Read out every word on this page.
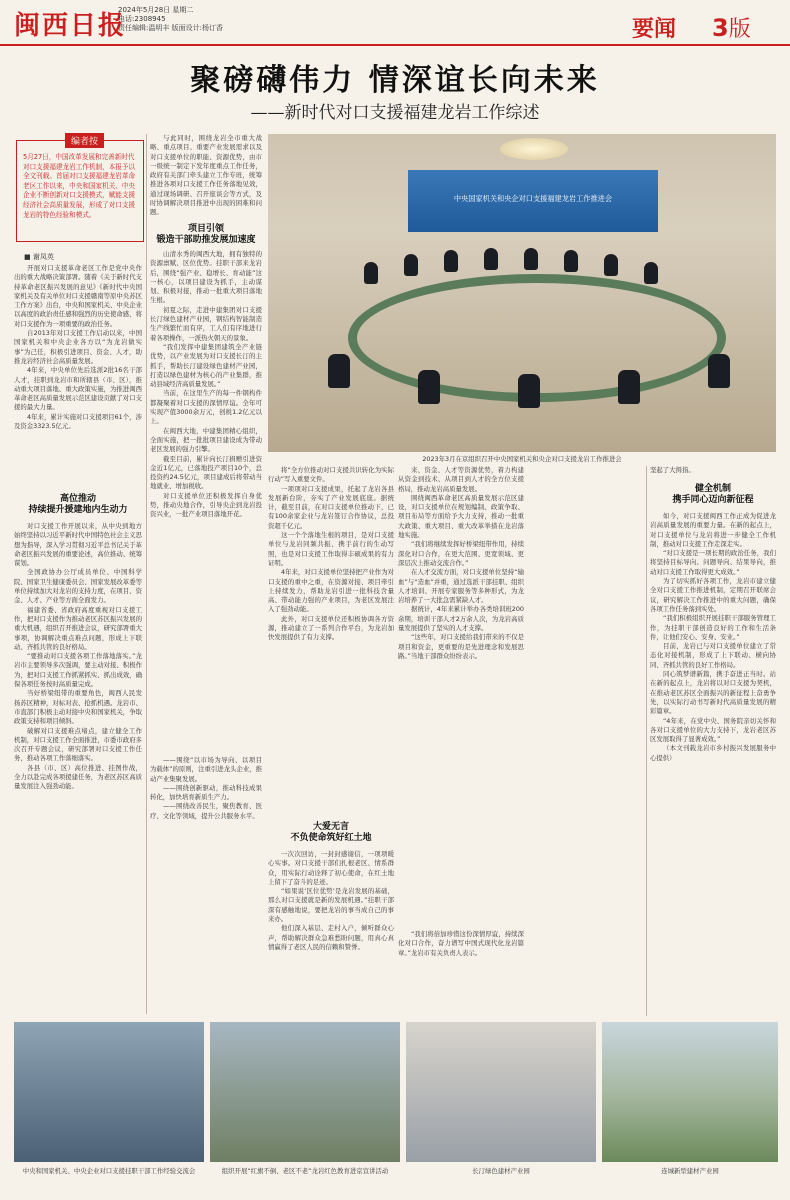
闽西日报
2024年5月28日 星期二
电话:2308945
责任编辑:温明丰 版面设计:杨订香	要闻 3版
聚磅礴伟力 情深谊长向未来
——新时代对口支援福建龙岩工作综述
编者按
5月27日，中国改革发展和完善新时代对口支援福建龙岩工作机制，本报予以全文刊载。首届对口支援福建龙岩革命老区工作以来，中央和国家机关、中央企业不断创新对口支援模式，赋能支援经济社会高质量发展，形成了对口支援龙岩的特色经验和模式。
■ 谢凤英

开展对口支援革命老区工作是党中央作出的重大战略决策部署。随着《关于新时代支持革命老区振兴发展的意见》《新时代中央国家机关及有关单位对口支援赣南等原中央苏区工作方案》出台，中央和国家机关、中央企业以高度的政治责任感和强烈的历史使命感，将对口支援作为一项重要的政治任务。

自2013年对口支援工作启动以来，中国国家机关和中央企业各方以“为龙岩做实事”为己任，积极引进项目、资金、人才，助推龙岩经济社会高质量发展。

4年来，中央单位先后选派2批16名干部人才，挂职到龙岩市和所辖县（市、区），推动重大项目落地、重大政策实施，为推进闽西革命老区高质量发展示范区建设贡献了对口支援的最大力量。

4年来，累计实施对口支援项目61个，涉及资金3323.5亿元。

高位推动
持续提升援建地内生动力

对口支援工作开展以来，从中央到地方始终坚持以习近平新时代中国特色社会主义思想为指导，深入学习贯彻习近平总书记关于革命老区振兴发展的重要论述，高位推动、统筹谋划。

全国政协办公厅成员单位、中国科学院、国家卫生健康委员会、国家发展改革委等单位持续加大对龙岩的支持力度，在项目、资金、人才、产业等方面全面发力。

福建省委、省政府高度重视对口支援工作，把对口支援作为推动老区苏区振兴发展的重大机遇，组织召开推进会议，研究部署重大事项，协调解决重点难点问题，形成上下联动、齐抓共管的良好格局。

“要推动对口支援各项工作落地落实。”龙岩市主要领导多次强调，要主动对接、积极作为，把对口支援工作抓紧抓实、抓出成效，确保各项任务按时高质量完成。

当好桥梁纽带的重要角色，闽西人民发扬苏区精神，对标对表、抢抓机遇。龙岩市、市直部门积极主动对接中央和国家机关，争取政策支持和项目倾斜。

破解对口支援难点堵点，建立健全工作机制，对口支援工作全面推进，市委市政府多次召开专题会议，研究部署对口支援工作任务，推动各项工作落细落实。

各县（市、区）高位推进、挂图作战，全力以赴完成各项援建任务，为老区苏区高质量发展注入强劲动能。

与此同时，围绕龙岩全市重大战略、重点项目、重要产业发展需求以及对口支援单位的职能、资源优势，由市一级统一制定下发年度重点工作任务，政府有关部门牵头建立工作专班，统筹推进各项对口支援工作任务落地见效，通过现场调研、召开座谈会等方式，及时协调解决项目推进中出现的困难和问题。

项目引领
锻造干部助推发展加速度

山清水秀的闽西大地，拥有独特的资源禀赋、区位优势。挂职干部来龙岩后，围绕“强产业、稳增长、育动能”这一核心，以项目建设为抓手，主动谋划、积极对接，推动一批重大项目落地生根。

初夏之际，走进中建集团对口支援长汀绿色建材产业园，钢结构智能制造生产线繁忙而有序，工人们有序地进行着各项操作，一派热火朝天的景象。

“我们发挥中建集团建筑全产业链优势，以产业发展为对口支援长汀的主抓手，帮助长汀建设绿色建材产业园，打造以绿色建材为核心的产业集群，推动县域经济高质量发展。”

当前，在这里生产的每一件钢构件都凝聚着对口支援的深情厚谊。全年可实现产值3000余万元，创税1.2亿元以上。

在闽西大地，中建集团精心组织，全面实施，把一批批项目建设成为带动老区发展的强力引擎。

截至目前，累计向长汀捐赠引进资金近1亿元，已落地投产项目10个，总投资约24.5亿元，项目建成后将带动当地就业、增加税收。

对口支援单位还积极发挥自身优势，推动央地合作，引导央企到龙岩投资兴业，一批产业项目落地开花。

——围绕“以市场为导向、以项目为载体”的原则，注重引进龙头企业，推动产业集聚发展。

——围绕创新驱动，推动科技成果转化，加快培育新质生产力。

——围绕改善民生，聚焦教育、医疗、文化等领域，提升公共服务水平。

中央国家机关和央企对口支援福建龙岩工作推进会
2023年3月在京组织召开中央国家机关和央企对口支援龙岩工作推进会

将“全方位推动对口支援共识转化为实际行动”写入重要文件。

一项项对口支援成果，托起了龙岩各县发展新台阶，夯实了产业发展底座。据统计，截至目前，在对口支援单位推动下，已有100余家企业与龙岩签订合作协议，总投资超千亿元。

这一个个落地生根的项目，是对口支援单位与龙岩同频共振、携手前行的生动写照，也是对口支援工作取得丰硕成果的有力证明。

4年来，对口支援单位坚持把产业作为对口支援的重中之重，在资源对接、项目牵引上持续发力，帮助龙岩引进一批科技含量高、带动能力强的产业项目，为老区发展注入了强劲动能。

此外，对口支援单位还积极协调各方资源，推动建立了一系列合作平台，为龙岩加快发展提供了有力支撑。

大爱无言
不负使命筑好红土地

一次次回访，一封封感谢信，一项项暖心实事。对口支援干部们扎根老区、情系群众，用实际行动诠释了初心使命，在红土地上留下了奋斗的足迹。

“如果说‘区位优势’是龙岩发展的基础，那么对口支援就是新的发展机遇。”挂职干部深有感触地说，要把龙岩的事当成自己的事来办。

他们深入基层、走村入户，倾听群众心声，帮助解决群众急难愁盼问题，用真心真情赢得了老区人民的信赖和赞誉。

来、资金、人才等资源优势，着力构建从资金到技术、从项目到人才的全方位支援格局，推动龙岩高质量发展。

围绕闽西革命老区高质量发展示范区建设，对口支援单位在规划编制、政策争取、项目布局等方面给予大力支持，推动一批重大政策、重大项目、重大改革举措在龙岩落地实施。

“我们将继续发挥好桥梁纽带作用，持续深化对口合作，在更大范围、更宽领域、更深层次上推动交流合作。”

在人才交流方面，对口支援单位坚持“输血”与“造血”并重，通过选派干部挂职、组织人才培训、开展专家服务等多种形式，为龙岩培养了一大批急需紧缺人才。

据统计，4年来累计举办各类培训班200余期，培训干部人才2万余人次，为龙岩高质量发展提供了坚实的人才支撑。

“这些年，对口支援给我们带来的不仅是项目和资金，更重要的是先进理念和发展思路。”当地干部群众纷纷表示。

“我们将倍加珍惜这份深情厚谊，持续深化对口合作，奋力谱写中国式现代化龙岩篇章。”龙岩市有关负责人表示。

坚起了大拇指。

健全机制
携手同心迈向新征程

如今，对口支援闽西工作正成为促进龙岩高质量发展的重要力量。在新的起点上，对口支援单位与龙岩将进一步健全工作机制，推动对口支援工作走深走实。

“对口支援是一项长期的政治任务，我们将坚持目标导向、问题导向、结果导向，推动对口支援工作取得更大成效。”

为了切实抓好各项工作，龙岩市建立健全对口支援工作推进机制，定期召开联席会议，研究解决工作推进中的重大问题，确保各项工作任务落到实处。

“我们积极组织开展挂职干部服务管理工作，为挂职干部创造良好的工作和生活条件，让他们安心、安身、安业。”

目前，龙岩已与对口支援单位建立了常态化对接机制，形成了上下联动、横向协同、齐抓共管的良好工作格局。

同心筑梦谱新篇，携手奋进正当时。站在新的起点上，龙岩将以对口支援为契机，在推动老区苏区全面振兴的新征程上奋勇争先，以实际行动书写新时代高质量发展的精彩篇章。

“4年来，在党中央、国务院亲切关怀和各对口支援单位的大力支持下，龙岩老区苏区发展取得了显著成效。”

（本文刊载龙岩市乡村振兴发展服务中心提供）

中央和国家机关、中央企业对口支援挂职干部工作经验交流会	组织开展“红旗不倒、老区不老”龙岩红色教育进京宣讲活动	长汀绿色建材产业园	连城新型建材产业园
